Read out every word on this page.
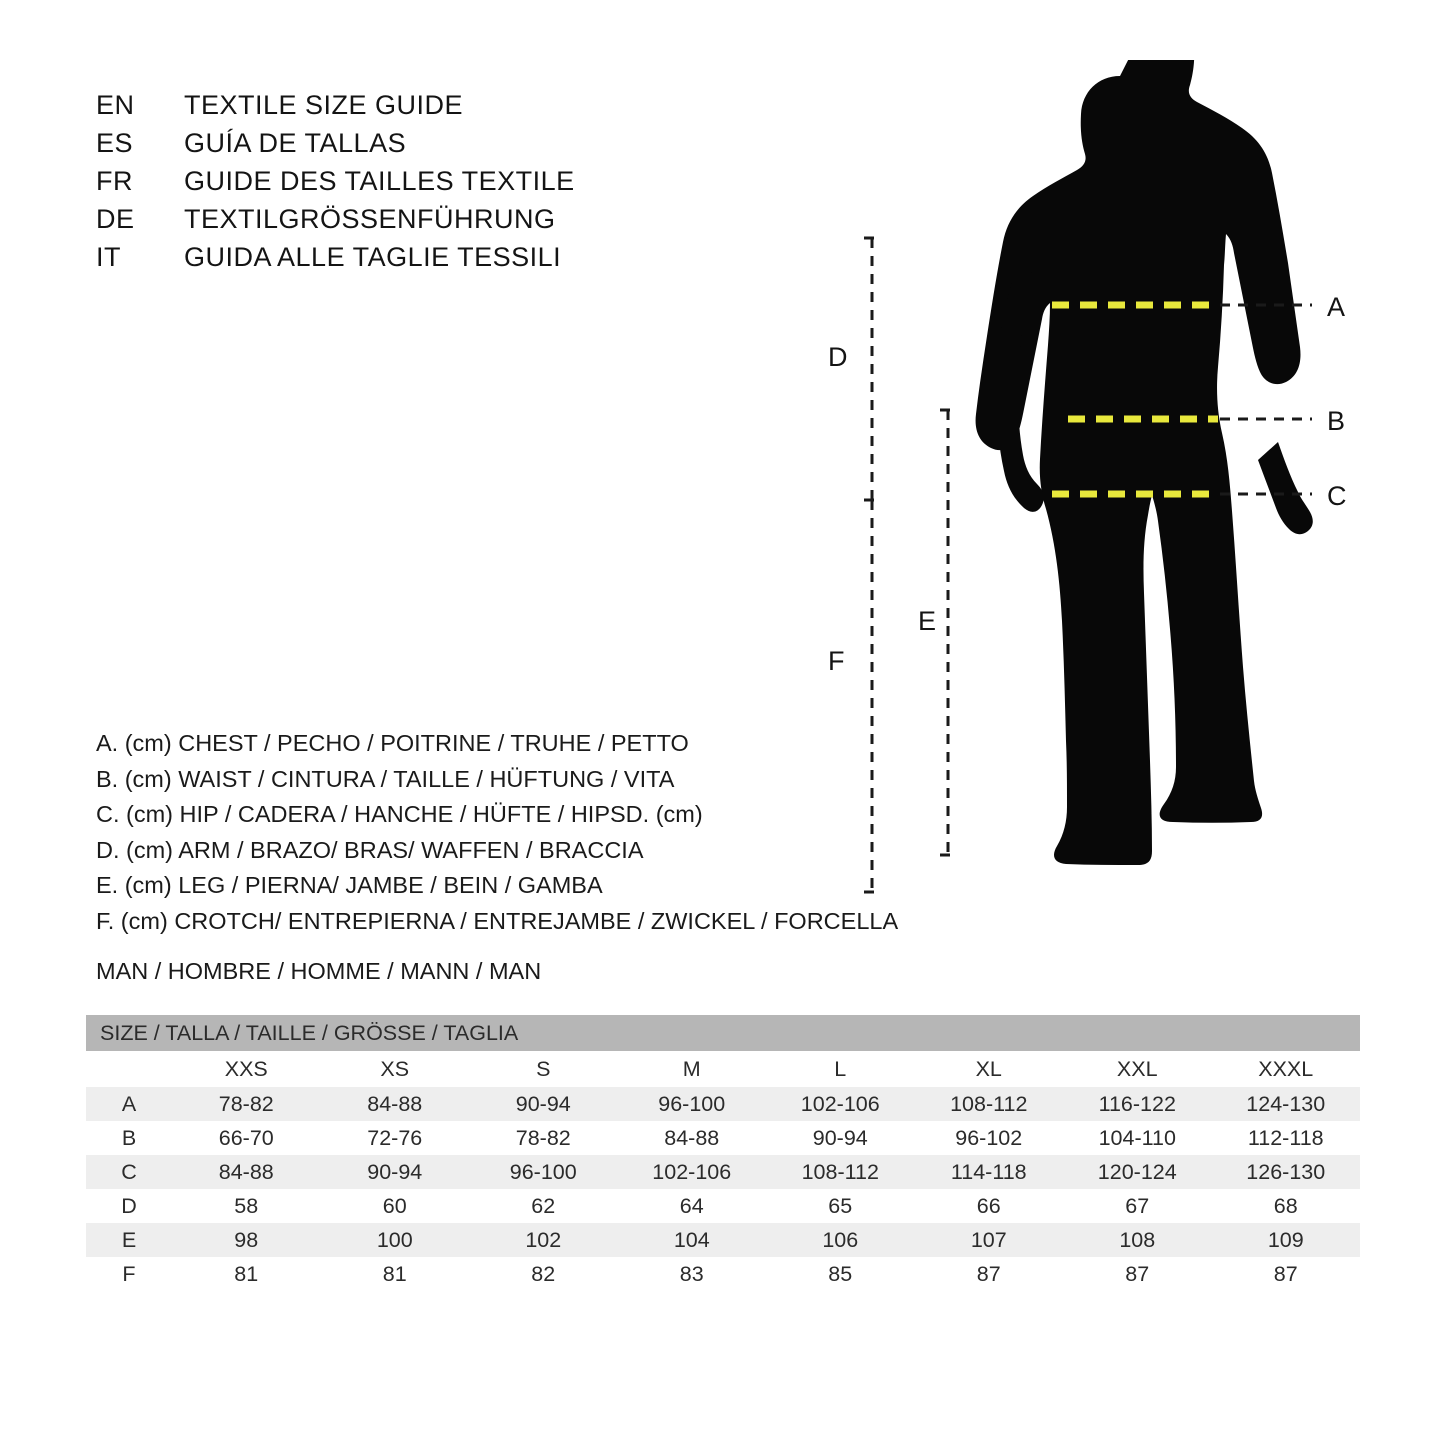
EN	TEXTILE SIZE GUIDE
ES	GUÍA DE TALLAS
FR	GUIDE DES TAILLES TEXTILE
DE	TEXTILGRÖSSENFÜHRUNG
IT	GUIDA ALLE TAGLIE TESSILI
A
B
C
D
F
E
A. (cm) CHEST / PECHO / POITRINE / TRUHE / PETTO
B. (cm) WAIST / CINTURA / TAILLE / HÜFTUNG / VITA
C. (cm) HIP / CADERA / HANCHE / HÜFTE / HIPSD. (cm)
D. (cm) ARM / BRAZO/ BRAS/ WAFFEN / BRACCIA
E. (cm) LEG / PIERNA/ JAMBE / BEIN / GAMBA
F. (cm) CROTCH/ ENTREPIERNA / ENTREJAMBE / ZWICKEL / FORCELLA
MAN / HOMBRE / HOMME / MANN / MAN
SIZE / TALLA / TAILLE / GRÖSSE / TAGLIA								
	XXS	XS	S	M	L	XL	XXL	XXXL
A	78-82	84-88	90-94	96-100	102-106	108-112	116-122	124-130
B	66-70	72-76	78-82	84-88	90-94	96-102	104-110	112-118
C	84-88	90-94	96-100	102-106	108-112	114-118	120-124	126-130
D	58	60	62	64	65	66	67	68
E	98	100	102	104	106	107	108	109
F	81	81	82	83	85	87	87	87
